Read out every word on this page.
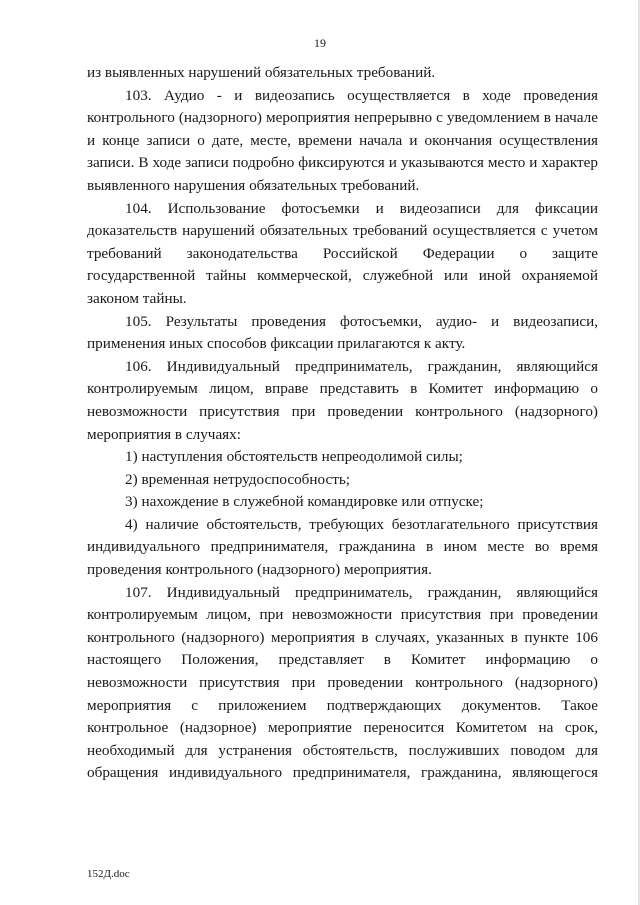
19

из выявленных нарушений обязательных требований.

103. Аудио - и видеозапись осуществляется в ходе проведения контрольного (надзорного) мероприятия непрерывно с уведомлением в начале и конце записи о дате, месте, времени начала и окончания осуществления записи. В ходе записи подробно фиксируются и указываются место и характер выявленного нарушения обязательных требований.

104. Использование фотосъемки и видеозаписи для фиксации доказательств нарушений обязательных требований осуществляется с учетом требований законодательства Российской Федерации о защите государственной тайны коммерческой, служебной или иной охраняемой законом тайны.

105. Результаты проведения фотосъемки, аудио- и видеозаписи, применения иных способов фиксации прилагаются к акту.

106. Индивидуальный предприниматель, гражданин, являющийся контролируемым лицом, вправе представить в Комитет информацию о невозможности присутствия при проведении контрольного (надзорного) мероприятия в случаях:

1) наступления обстоятельств непреодолимой силы;

2) временная нетрудоспособность;

3) нахождение в служебной командировке или отпуске;

4) наличие обстоятельств, требующих безотлагательного присутствия индивидуального предпринимателя, гражданина в ином месте во время проведения контрольного (надзорного) мероприятия.

107. Индивидуальный предприниматель, гражданин, являющийся контролируемым лицом, при невозможности присутствия при проведении контрольного (надзорного) мероприятия в случаях, указанных в пункте 106 настоящего Положения, представляет в Комитет информацию о невозможности присутствия при проведении контрольного (надзорного) мероприятия с приложением подтверждающих документов. Такое контрольное (надзорное) мероприятие переносится Комитетом на срок, необходимый для устранения обстоятельств, послуживших поводом для обращения индивидуального предпринимателя, гражданина, являющегося

152Д.doc
